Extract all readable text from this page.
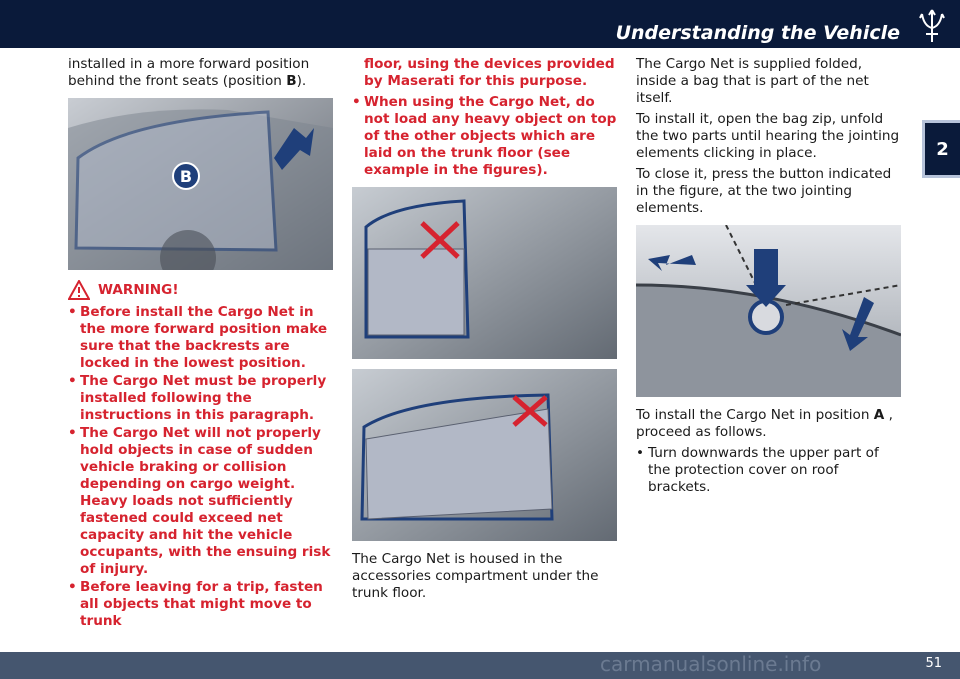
Understanding the Vehicle
2

installed in a more forward position behind the front seats (position B).

B
WARNING!
• Before install the Cargo Net in the more forward position make sure that the backrests are locked in the lowest position.
• The Cargo Net must be properly installed following the instructions in this paragraph.
• The Cargo Net will not properly hold objects in case of sudden vehicle braking or collision depending on cargo weight. Heavy loads not sufficiently fastened could exceed net capacity and hit the vehicle occupants, with the ensuing risk of injury.
• Before leaving for a trip, fasten all objects that might move to trunk

floor, using the devices provided by Maserati for this purpose.

• When using the Cargo Net, do not load any heavy object on top of the other objects which are laid on the trunk floor (see example in the figures).

The Cargo Net is housed in the accessories compartment under the trunk floor.

The Cargo Net is supplied folded, inside a bag that is part of the net itself.

To install it, open the bag zip, unfold the two parts until hearing the jointing elements clicking in place.

To close it, press the button indicated in the figure, at the two jointing elements.

To install the Cargo Net in position A , proceed as follows.

• Turn downwards the upper part of the protection cover on roof brackets.
51
carmanualsonline.info
